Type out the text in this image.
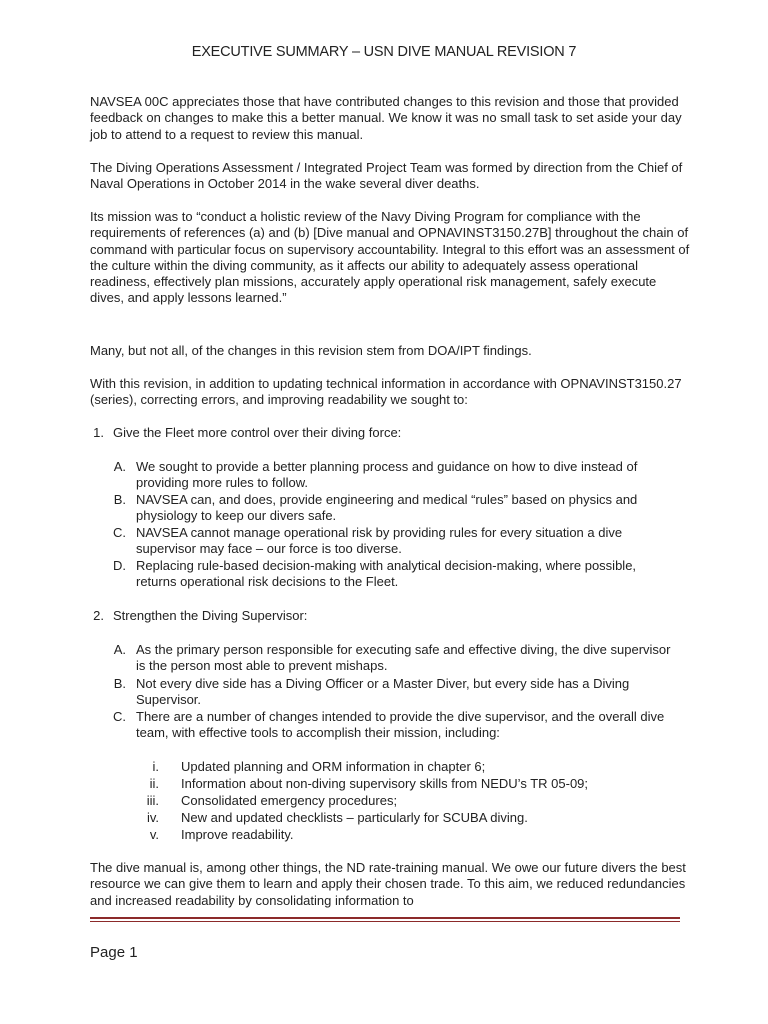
EXECUTIVE SUMMARY – USN DIVE MANUAL REVISION 7

NAVSEA 00C appreciates those that have contributed changes to this revision and those that provided feedback on changes to make this a better manual. We know it was no small task to set aside your day job to attend to a request to review this manual.

The Diving Operations Assessment / Integrated Project Team was formed by direction from the Chief of Naval Operations in October 2014 in the wake several diver deaths.

Its mission was to “conduct a holistic review of the Navy Diving Program for compliance with the requirements of references (a) and (b) [Dive manual and OPNAVINST3150.27B] throughout the chain of command with particular focus on supervisory accountability. Integral to this effort was an assessment of the culture within the diving community, as it affects our ability to adequately assess operational readiness, effectively plan missions, accurately apply operational risk management, safely execute dives, and apply lessons learned.”

Many, but not all, of the changes in this revision stem from DOA/IPT findings.

With this revision, in addition to updating technical information in accordance with OPNAVINST3150.27 (series), correcting errors, and improving readability we sought to:

1. Give the Fleet more control over their diving force:
A. We sought to provide a better planning process and guidance on how to dive instead of providing more rules to follow.
B. NAVSEA can, and does, provide engineering and medical “rules” based on physics and physiology to keep our divers safe.
C. NAVSEA cannot manage operational risk by providing rules for every situation a dive supervisor may face – our force is too diverse.
D. Replacing rule-based decision-making with analytical decision-making, where possible, returns operational risk decisions to the Fleet.
2. Strengthen the Diving Supervisor:
A. As the primary person responsible for executing safe and effective diving, the dive supervisor is the person most able to prevent mishaps.
B. Not every dive side has a Diving Officer or a Master Diver, but every side has a Diving Supervisor.
C. There are a number of changes intended to provide the dive supervisor, and the overall dive team, with effective tools to accomplish their mission, including:
i. Updated planning and ORM information in chapter 6;
ii. Information about non-diving supervisory skills from NEDU’s TR 05-09;
iii. Consolidated emergency procedures;
iv. New and updated checklists – particularly for SCUBA diving.
v. Improve readability.

The dive manual is, among other things, the ND rate-training manual. We owe our future divers the best resource we can give them to learn and apply their chosen trade. To this aim, we reduced redundancies and increased readability by consolidating information to

Page 1
